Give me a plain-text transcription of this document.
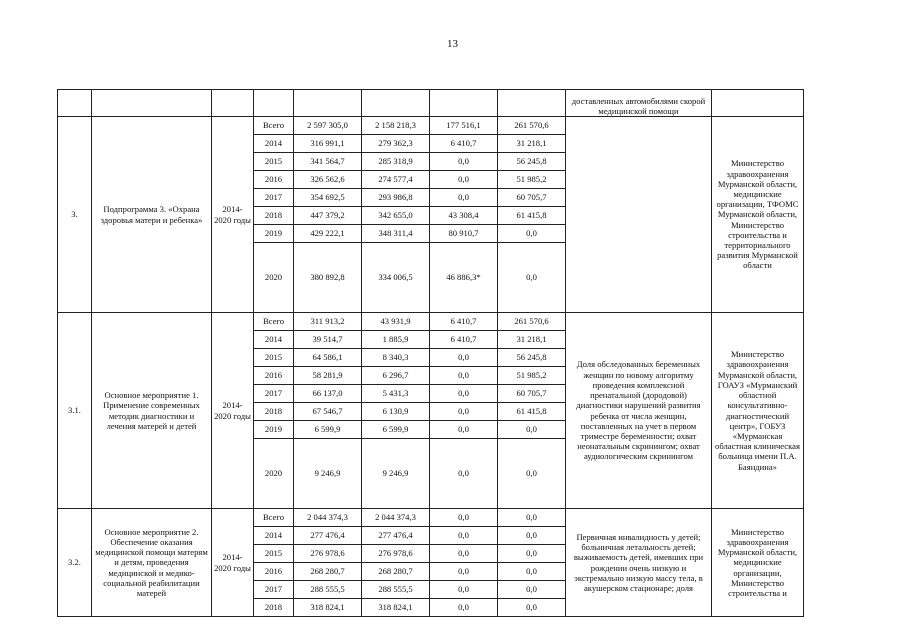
13
								доставленных автомобилями скорой медицинской помощи	
3.	Подпрограмма 3. «Охрана здоровья матери и ребенка»	2014-2020 годы	Всего	2 597 305,0	2 158 218,3	177 516,1	261 570,6		Министерство здравоохранения Мурманской области, медицинские организации, ТФОМС Мурманской области, Министерство строительства и территориального развития Мурманской области
			2014	316 991,1	279 362,3	6 410,7	31 218,1		
			2015	341 564,7	285 318,9	0,0	56 245,8		
			2016	326 562,6	274 577,4	0,0	51 985,2		
			2017	354 692,5	293 986,8	0,0	60 705,7		
			2018	447 379,2	342 655,0	43 308,4	61 415,8		
			2019	429 222,1	348 311,4	80 910,7	0,0		
			2020	380 892,8	334 006,5	46 886,3*	0,0		
3.1.	Основное мероприятие 1. Применение современных методик диагностики и лечения матерей и детей	2014-2020 годы	Всего	311 913,2	43 931,9	6 410,7	261 570,6	Доля обследованных беременных женщин по новому алгоритму проведения комплексной пренатальной (дородовой) диагностики нарушений развития ребенка от числа женщин, поставленных на учет в первом триместре беременности; охват неонатальным скринингом; охват аудиологическим скринингом	Министерство здравоохранения Мурманской области, ГОАУЗ «Мурманский областной консультативно-диагностический центр», ГОБУЗ «Мурманская областная клиническая больница имени П.А. Баяндина»
			2014	39 514,7	1 885,9	6 410,7	31 218,1		
			2015	64 586,1	8 340,3	0,0	56 245,8		
			2016	58 281,9	6 296,7	0,0	51 985,2		
			2017	66 137,0	5 431,3	0,0	60 705,7		
			2018	67 546,7	6 130,9	0,0	61 415,8		
			2019	6 599,9	6 599,9	0,0	0,0		
			2020	9 246,9	9 246,9	0,0	0,0		
3.2.	Основное мероприятие 2. Обеспечение оказания медицинской помощи матерям и детям, проведения медицинской и медико-социальной реабилитации матерей	2014-2020 годы	Всего	2 044 374,3	2 044 374,3	0,0	0,0	Первичная инвалидность у детей; больничная летальность детей; выживаемость детей, имевших при рождении очень низкую и экстремально низкую массу тела, в акушерском стационаре; доля	Министерство здравоохранения Мурманской области, медицинские организации, Министерство строительства и
			2014	277 476,4	277 476,4	0,0	0,0		
			2015	276 978,6	276 978,6	0,0	0,0		
			2016	268 280,7	268 280,7	0,0	0,0		
			2017	288 555,5	288 555,5	0,0	0,0		
			2018	318 824,1	318 824,1	0,0	0,0		
